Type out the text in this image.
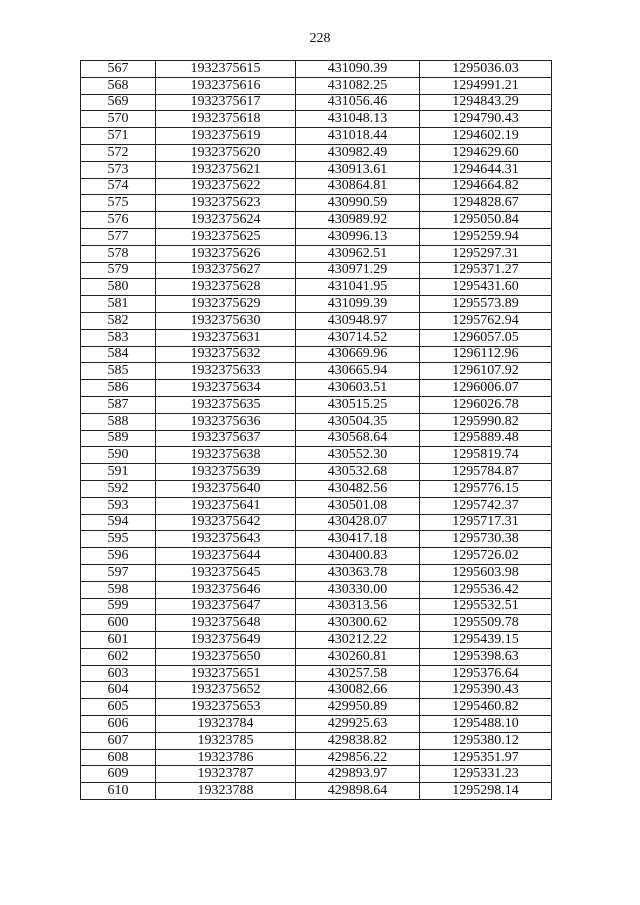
228
567	1932375615	431090.39	1295036.03
568	1932375616	431082.25	1294991.21
569	1932375617	431056.46	1294843.29
570	1932375618	431048.13	1294790.43
571	1932375619	431018.44	1294602.19
572	1932375620	430982.49	1294629.60
573	1932375621	430913.61	1294644.31
574	1932375622	430864.81	1294664.82
575	1932375623	430990.59	1294828.67
576	1932375624	430989.92	1295050.84
577	1932375625	430996.13	1295259.94
578	1932375626	430962.51	1295297.31
579	1932375627	430971.29	1295371.27
580	1932375628	431041.95	1295431.60
581	1932375629	431099.39	1295573.89
582	1932375630	430948.97	1295762.94
583	1932375631	430714.52	1296057.05
584	1932375632	430669.96	1296112.96
585	1932375633	430665.94	1296107.92
586	1932375634	430603.51	1296006.07
587	1932375635	430515.25	1296026.78
588	1932375636	430504.35	1295990.82
589	1932375637	430568.64	1295889.48
590	1932375638	430552.30	1295819.74
591	1932375639	430532.68	1295784.87
592	1932375640	430482.56	1295776.15
593	1932375641	430501.08	1295742.37
594	1932375642	430428.07	1295717.31
595	1932375643	430417.18	1295730.38
596	1932375644	430400.83	1295726.02
597	1932375645	430363.78	1295603.98
598	1932375646	430330.00	1295536.42
599	1932375647	430313.56	1295532.51
600	1932375648	430300.62	1295509.78
601	1932375649	430212.22	1295439.15
602	1932375650	430260.81	1295398.63
603	1932375651	430257.58	1295376.64
604	1932375652	430082.66	1295390.43
605	1932375653	429950.89	1295460.82
606	19323784	429925.63	1295488.10
607	19323785	429838.82	1295380.12
608	19323786	429856.22	1295351.97
609	19323787	429893.97	1295331.23
610	19323788	429898.64	1295298.14
